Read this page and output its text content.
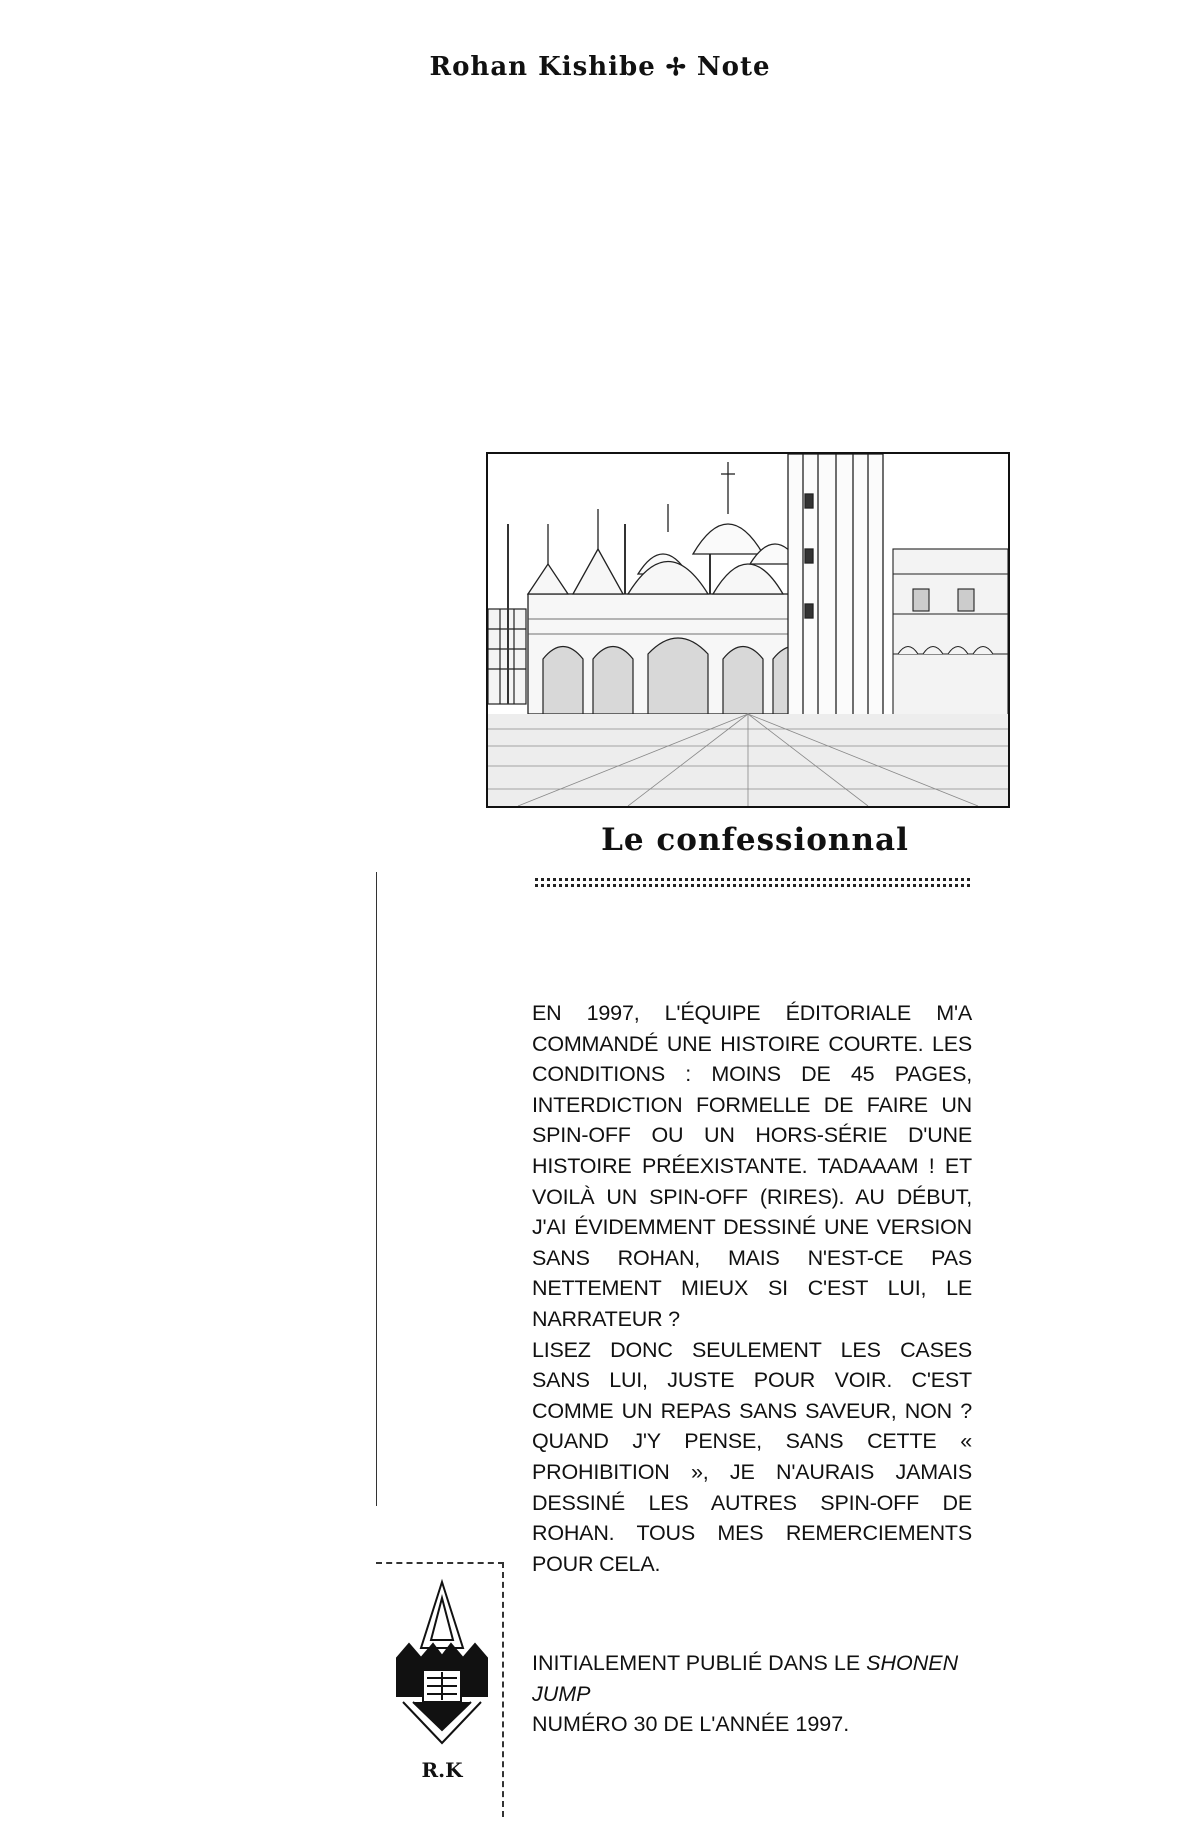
Rohan Kishibe ✢ Note
Le confessionnal

EN 1997, L'ÉQUIPE ÉDITORIALE M'A COMMANDÉ UNE HISTOIRE COURTE. LES CONDITIONS : MOINS DE 45 PAGES, INTERDICTION FORMELLE DE FAIRE UN SPIN-OFF OU UN HORS-SÉRIE D'UNE HISTOIRE PRÉEXISTANTE. TADAAAM ! ET VOILÀ UN SPIN-OFF (RIRES). AU DÉBUT, J'AI ÉVIDEMMENT DESSINÉ UNE VERSION SANS ROHAN, MAIS N'EST-CE PAS NETTEMENT MIEUX SI C'EST LUI, LE NARRATEUR ?

LISEZ DONC SEULEMENT LES CASES SANS LUI, JUSTE POUR VOIR. C'EST COMME UN REPAS SANS SAVEUR, NON ? QUAND J'Y PENSE, SANS CETTE « PROHIBITION », JE N'AURAIS JAMAIS DESSINÉ LES AUTRES SPIN-OFF DE ROHAN. TOUS MES REMERCIEMENTS POUR CELA.

R.K
INITIALEMENT PUBLIÉ DANS LE SHONEN JUMP
NUMÉRO 30 DE L'ANNÉE 1997.
